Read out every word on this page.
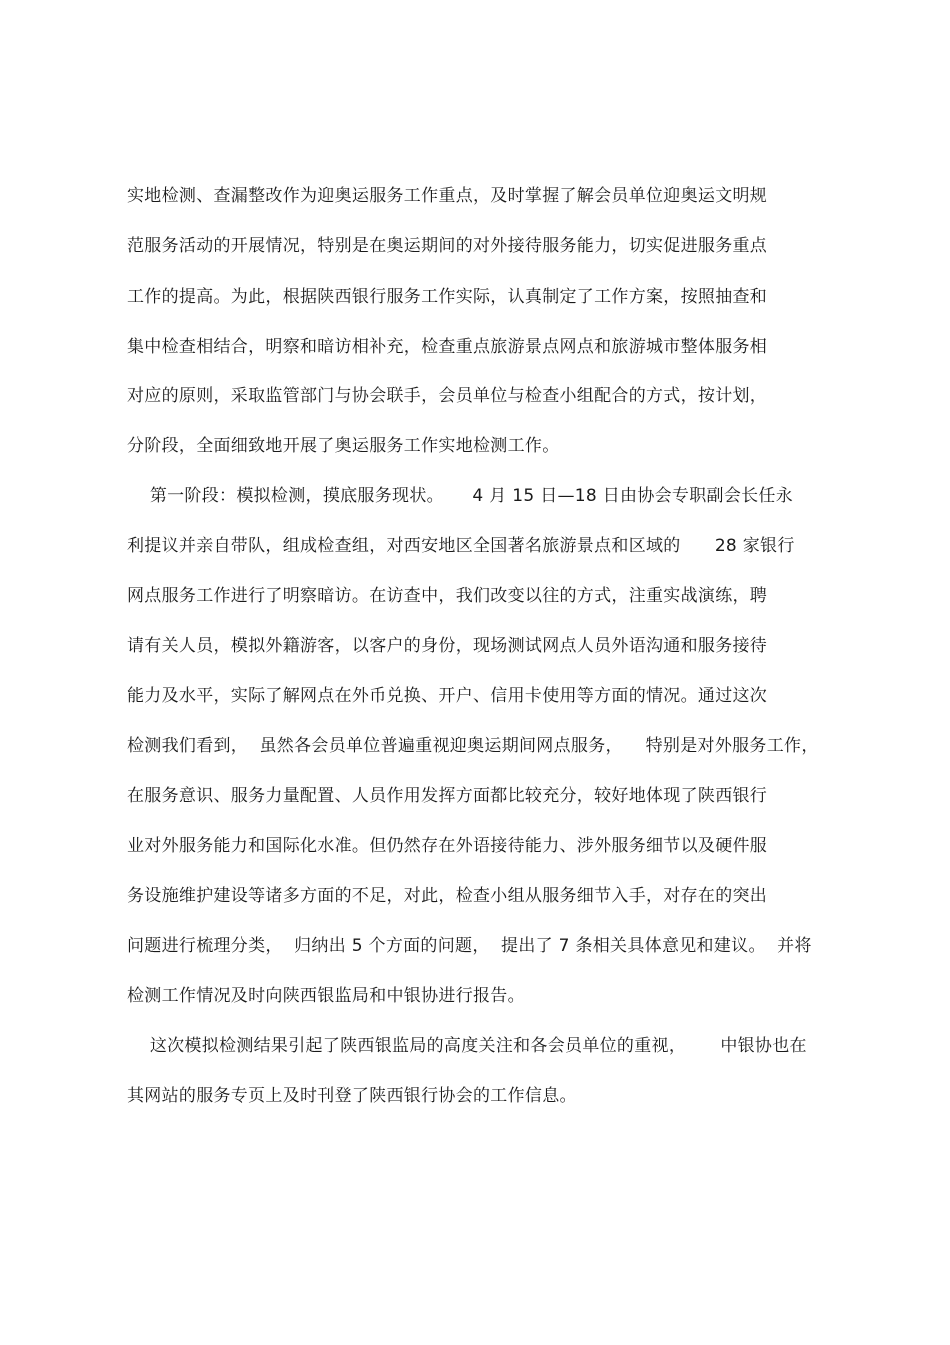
实地检测、查漏整改作为迎奥运服务工作重点，及时掌握了解会员单位迎奥运文明规
范服务活动的开展情况，特别是在奥运期间的对外接待服务能力，切实促进服务重点
工作的提高。为此，根据陕西银行服务工作实际，认真制定了工作方案，按照抽查和
集中检查相结合，明察和暗访相补充，检查重点旅游景点网点和旅游城市整体服务相
对应的原则，采取监管部门与协会联手，会员单位与检查小组配合的方式，按计划，
分阶段，全面细致地开展了奥运服务工作实地检测工作。
第一阶段：模拟检测，摸底服务现状。     4 月 15 日—18 日由协会专职副会长任永
利提议并亲自带队，组成检查组，对西安地区全国著名旅游景点和区域的      28 家银行
网点服务工作进行了明察暗访。在访查中，我们改变以往的方式，注重实战演练，聘
请有关人员，模拟外籍游客，以客户的身份，现场测试网点人员外语沟通和服务接待
能力及水平，实际了解网点在外币兑换、开户、信用卡使用等方面的情况。通过这次
检测我们看到，  虽然各会员单位普遍重视迎奥运期间网点服务，    特别是对外服务工作，
在服务意识、服务力量配置、人员作用发挥方面都比较充分，较好地体现了陕西银行
业对外服务能力和国际化水准。但仍然存在外语接待能力、涉外服务细节以及硬件服
务设施维护建设等诸多方面的不足，对此，检查小组从服务细节入手，对存在的突出
问题进行梳理分类，  归纳出 5 个方面的问题，  提出了 7 条相关具体意见和建议。  并将
检测工作情况及时向陕西银监局和中银协进行报告。
这次模拟检测结果引起了陕西银监局的高度关注和各会员单位的重视，      中银协也在
其网站的服务专页上及时刊登了陕西银行协会的工作信息。
